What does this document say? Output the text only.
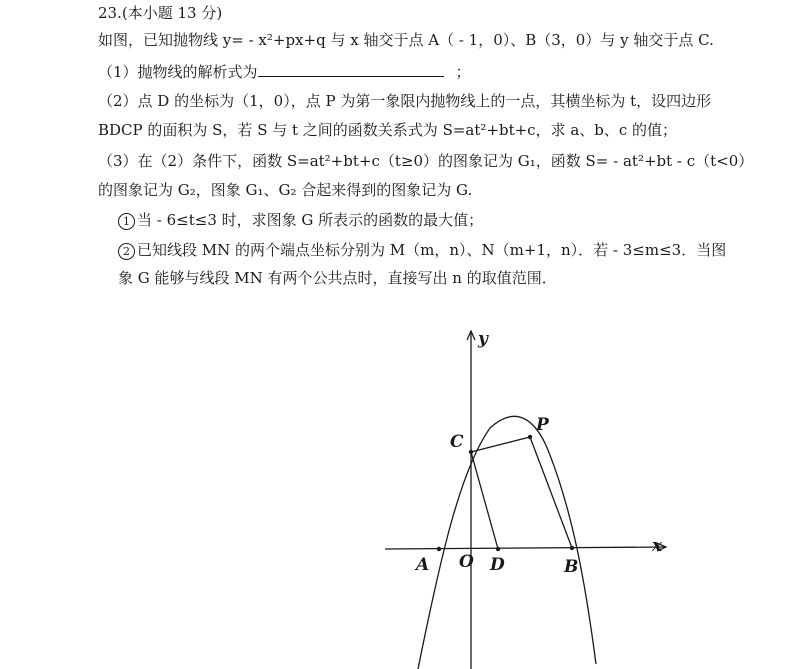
23.(本小题 13 分)
如图，已知抛物线 y= - x²+px+q 与 x 轴交于点 A（ - 1，0）、B（3，0）与 y 轴交于点 C.
（1）抛物线的解析式为	；
（2）点 D 的坐标为（1，0），点 P 为第一象限内抛物线上的一点，其横坐标为 t，设四边形
BDCP 的面积为 S，若 S 与 t 之间的函数关系式为 S=at²+bt+c，求 a、b、c 的值；
（3）在（2）条件下，函数 S=at²+bt+c（t≥0）的图象记为 G₁，函数 S= - at²+bt - c（t<0）
的图象记为 G₂，图象 G₁、G₂ 合起来得到的图象记为 G.
1 当 - 6≤t≤3 时，求图象 G 所表示的函数的最大值；
2 已知线段 MN 的两个端点坐标分别为 M（m，n）、N（m+1，n）．若 - 3≤m≤3．当图
象 G 能够与线段 MN 有两个公共点时，直接写出 n 的取值范围．
y
x
C
P
A O D	B
